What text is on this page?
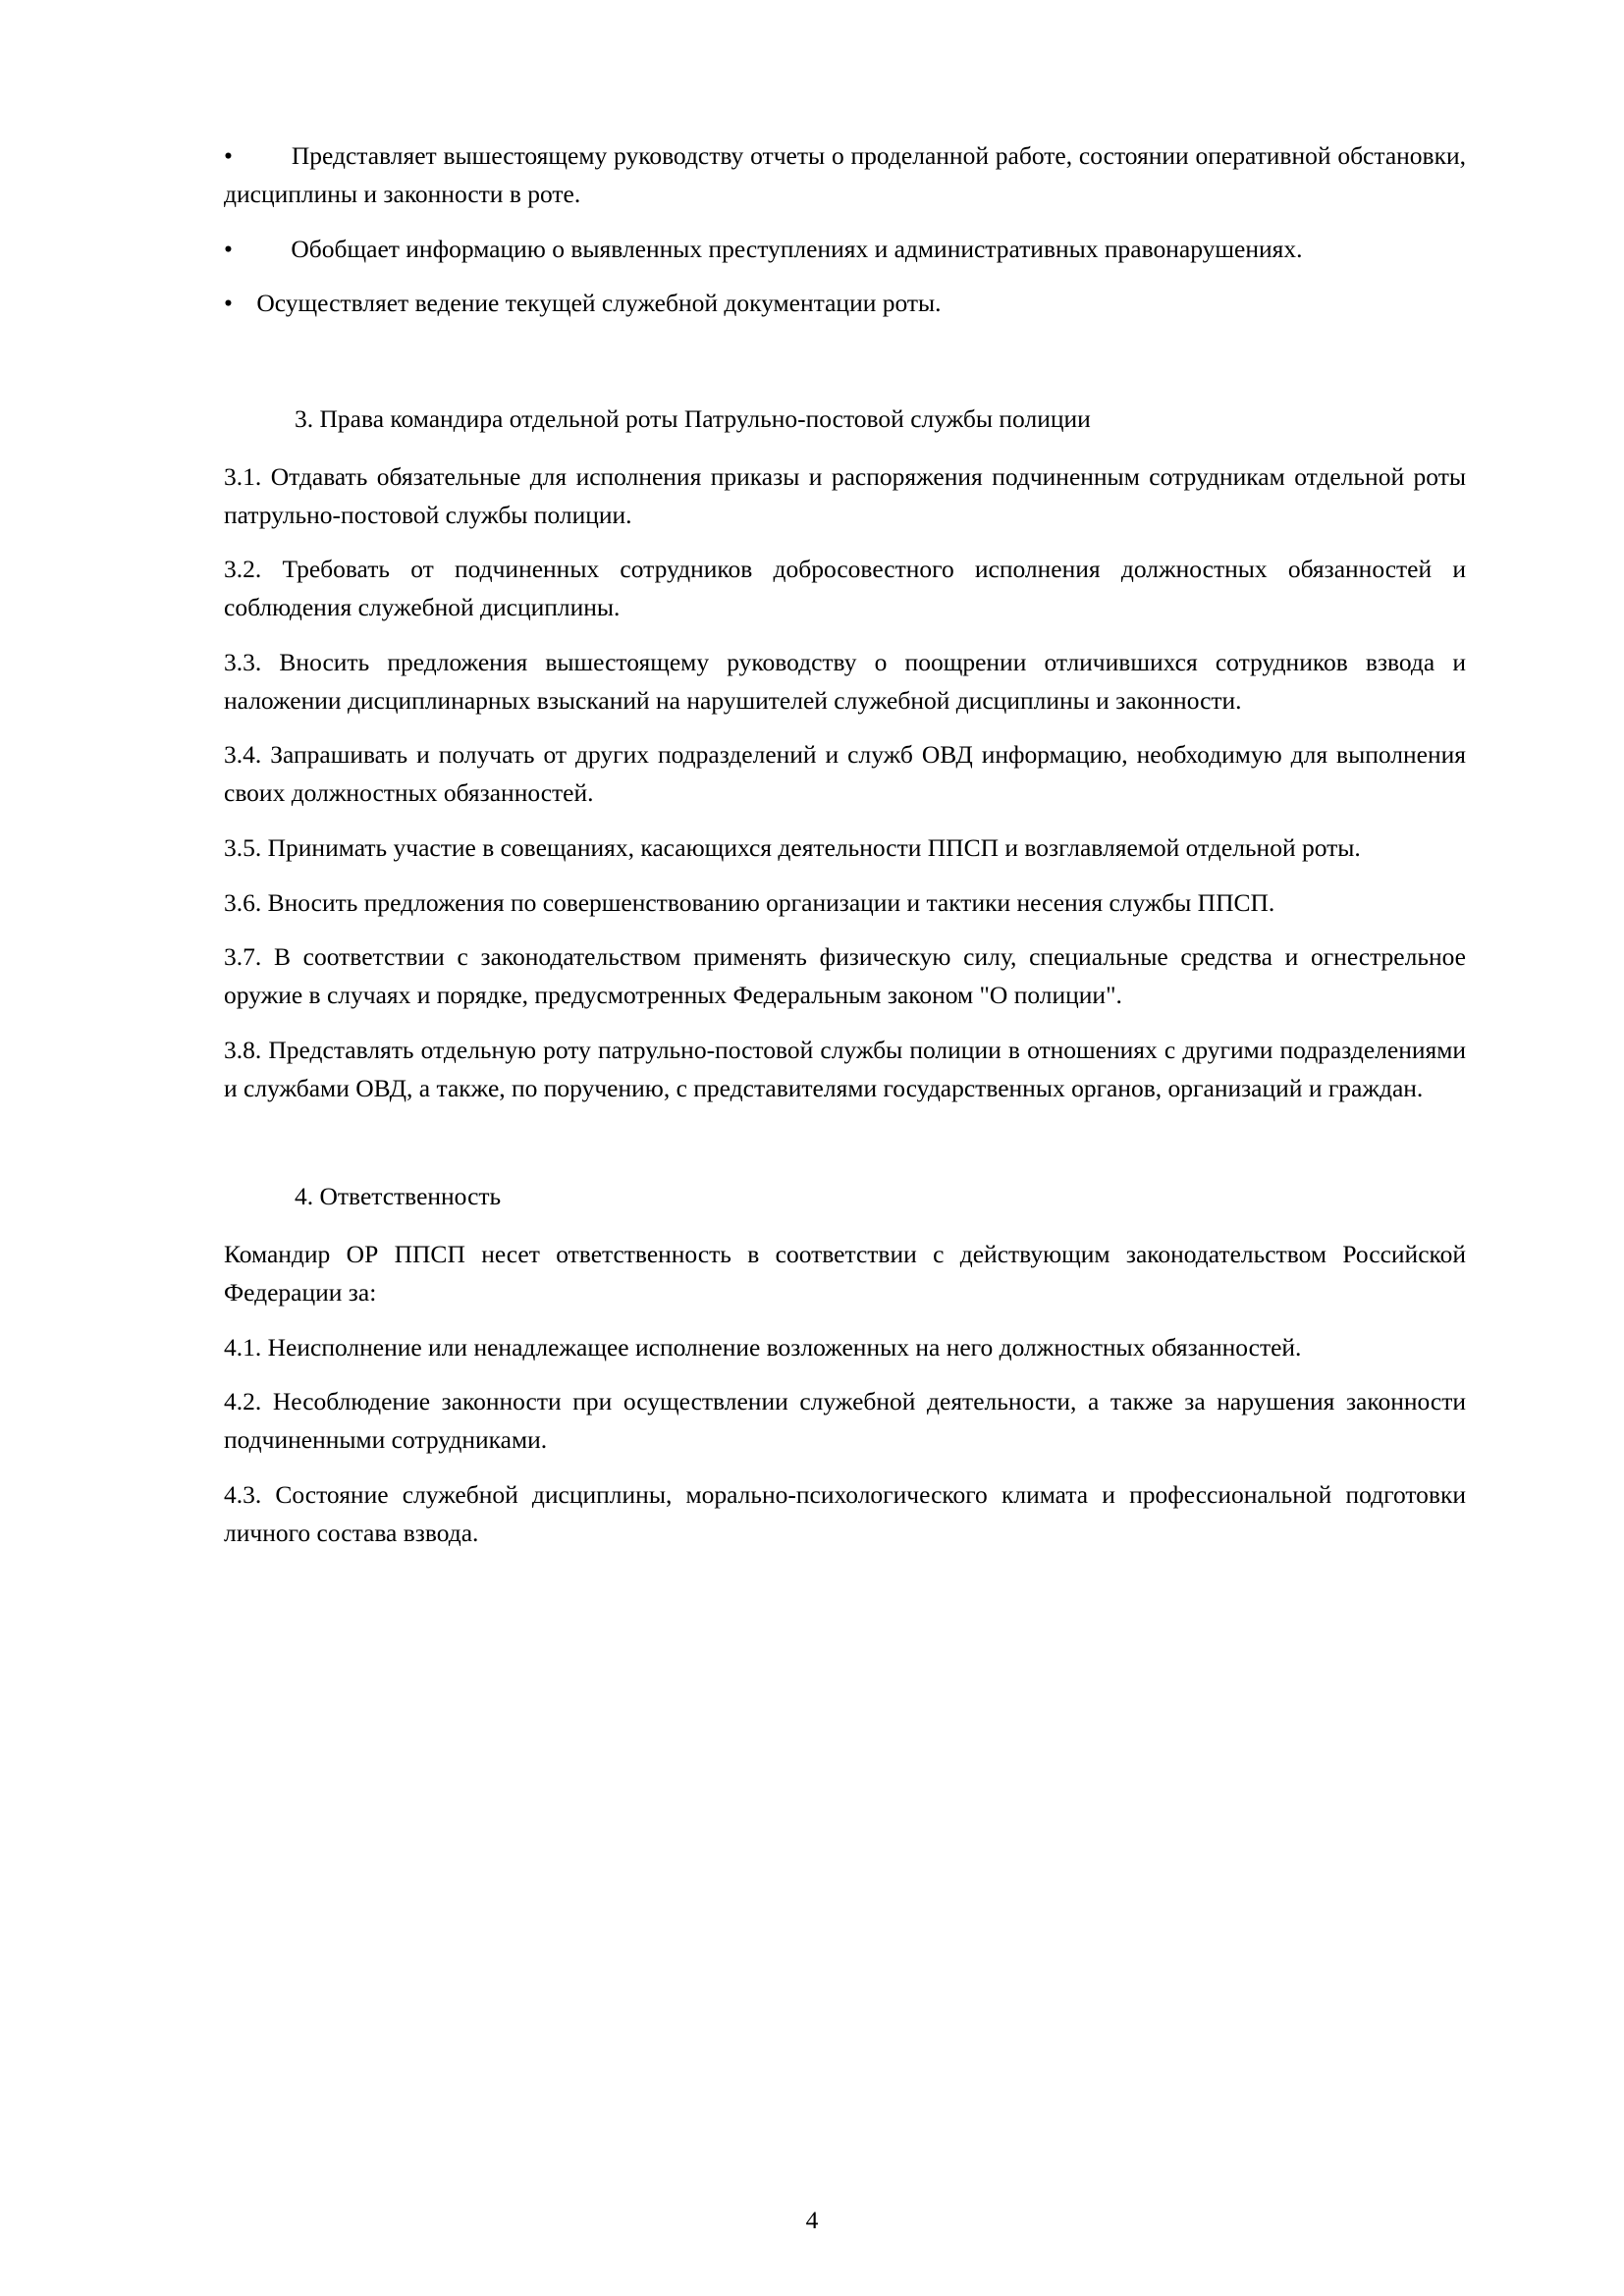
• Представляет вышестоящему руководству отчеты о проделанной работе, состоянии оперативной обстановки, дисциплины и законности в роте.

• Обобщает информацию о выявленных преступлениях и административных правонарушениях.

• Осуществляет ведение текущей служебной документации роты.

3. Права командира отдельной роты Патрульно-постовой службы полиции

3.1. Отдавать обязательные для исполнения приказы и распоряжения подчиненным сотрудникам отдельной роты патрульно-постовой службы полиции.

3.2. Требовать от подчиненных сотрудников добросовестного исполнения должностных обязанностей и соблюдения служебной дисциплины.

3.3. Вносить предложения вышестоящему руководству о поощрении отличившихся сотрудников взвода и наложении дисциплинарных взысканий на нарушителей служебной дисциплины и законности.

3.4. Запрашивать и получать от других подразделений и служб ОВД информацию, необходимую для выполнения своих должностных обязанностей.

3.5. Принимать участие в совещаниях, касающихся деятельности ППСП и возглавляемой отдельной роты.

3.6. Вносить предложения по совершенствованию организации и тактики несения службы ППСП.

3.7. В соответствии с законодательством применять физическую силу, специальные средства и огнестрельное оружие в случаях и порядке, предусмотренных Федеральным законом "О полиции".

3.8. Представлять отдельную роту патрульно-постовой службы полиции в отношениях с другими подразделениями и службами ОВД, а также, по поручению, с представителями государственных органов, организаций и граждан.

4. Ответственность

Командир ОР ППСП несет ответственность в соответствии с действующим законодательством Российской Федерации за:

4.1. Неисполнение или ненадлежащее исполнение возложенных на него должностных обязанностей.

4.2. Несоблюдение законности при осуществлении служебной деятельности, а также за нарушения законности подчиненными сотрудниками.

4.3. Состояние служебной дисциплины, морально-психологического климата и профессиональной подготовки личного состава взвода.

4
